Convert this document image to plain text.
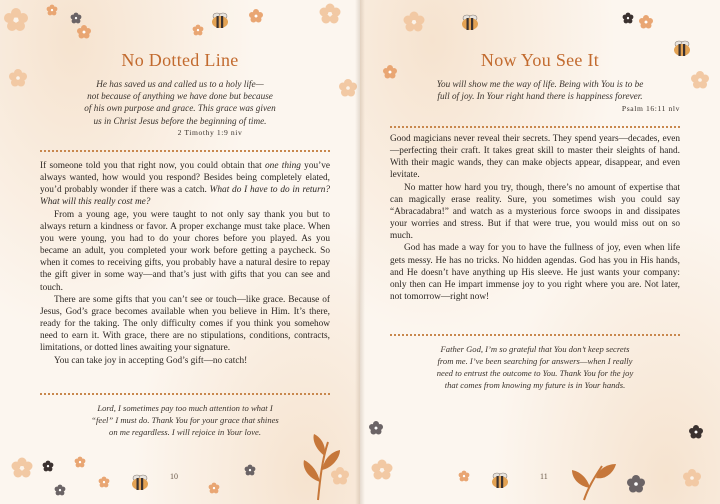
No Dotted Line
He has saved us and called us to a holy life—
not because of anything we have done but because
of his own purpose and grace. This grace was given
us in Christ Jesus before the beginning of time.
2 Timothy 1:9 niv

If someone told you that right now, you could obtain that one thing you’ve always wanted, how would you respond? Besides being completely elated, you’d probably wonder if there was a catch. What do I have to do in return? What will this really cost me?

From a young age, you were taught to not only say thank you but to always return a kindness or favor. A proper exchange must take place. When you were young, you had to do your chores before you played. As you became an adult, you completed your work before getting a paycheck. So when it comes to receiving gifts, you probably have a natural desire to repay the gift giver in some way—and that’s just with gifts that you can see and touch.

There are some gifts that you can’t see or touch—like grace. Because of Jesus, God’s grace becomes available when you believe in Him. It’s there, ready for the taking. The only difficulty comes if you think you somehow need to earn it. With grace, there are no stipulations, conditions, contracts, limitations, or dotted lines awaiting your signature.

You can take joy in accepting God’s gift—no catch!

Lord, I sometimes pay too much attention to what I
“feel” I must do. Thank You for your grace that shines
on me regardless. I will rejoice in Your love.
10
Now You See It
You will show me the way of life. Being with You is to be
full of joy. In Your right hand there is happiness forever.
Psalm 16:11 nlv

Good magicians never reveal their secrets. They spend years—decades, even—perfecting their craft. It takes great skill to master their sleights of hand. With their magic wands, they can make objects appear, disappear, and even levitate.

No matter how hard you try, though, there’s no amount of expertise that can magically erase reality. Sure, you sometimes wish you could say “Abracadabra!” and watch as a mysterious force swoops in and dissipates your worries and stress. But if that were true, you would miss out on so much.

God has made a way for you to have the fullness of joy, even when life gets messy. He has no tricks. No hidden agendas. God has you in His hands, and He doesn’t have anything up His sleeve. He just wants your company: only then can He impart immense joy to you right where you are. Not later, not tomorrow—right now!

Father God, I’m so grateful that You don’t keep secrets
from me. I’ve been searching for answers—when I really
need to entrust the outcome to You. Thank You for the joy
that comes from knowing my future is in Your hands.
11
